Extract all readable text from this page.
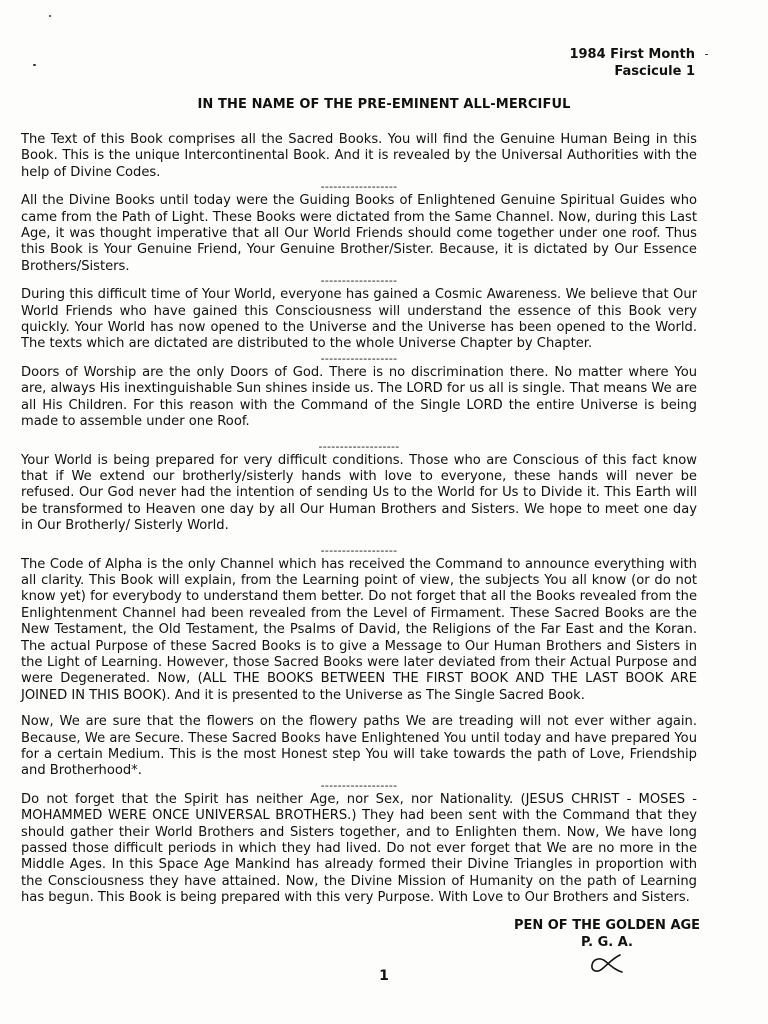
1984 First Month
Fascicule 1
IN THE NAME OF THE PRE-EMINENT ALL-MERCIFUL

The Text of this Book comprises all the Sacred Books. You will find the Genuine Human Being in this Book. This is the unique Intercontinental Book. And it is revealed by the Universal Authorities with the help of Divine Codes.

------------------

All the Divine Books until today were the Guiding Books of Enlightened Genuine Spiritual Guides who came from the Path of Light. These Books were dictated from the Same Channel. Now, during this Last Age, it was thought imperative that all Our World Friends should come together under one roof. Thus this Book is Your Genuine Friend, Your Genuine Brother/Sister. Because, it is dictated by Our Essence Brothers/Sisters.

------------------

During this difficult time of Your World, everyone has gained a Cosmic Awareness. We believe that Our World Friends who have gained this Consciousness will understand the essence of this Book very quickly. Your World has now opened to the Universe and the Universe has been opened to the World. The texts which are dictated are distributed to the whole Universe Chapter by Chapter.

------------------

Doors of Worship are the only Doors of God. There is no discrimination there. No matter where You are, always His inextinguishable Sun shines inside us. The LORD for us all is single. That means We are all His Children. For this reason with the Command of the Single LORD the entire Universe is being made to assemble under one Roof.

-------------------

Your World is being prepared for very difficult conditions. Those who are Conscious of this fact know that if We extend our brotherly/sisterly hands with love to everyone, these hands will never be refused. Our God never had the intention of sending Us to the World for Us to Divide it. This Earth will be transformed to Heaven one day by all Our Human Brothers and Sisters. We hope to meet one day in Our Brotherly/ Sisterly World.

------------------

The Code of Alpha is the only Channel which has received the Command to announce everything with all clarity. This Book will explain, from the Learning point of view, the subjects You all know (or do not know yet) for everybody to understand them better. Do not forget that all the Books revealed from the Enlightenment Channel had been revealed from the Level of Firmament. These Sacred Books are the New Testament, the Old Testament, the Psalms of David, the Religions of the Far East and the Koran. The actual Purpose of these Sacred Books is to give a Message to Our Human Brothers and Sisters in the Light of Learning. However, those Sacred Books were later deviated from their Actual Purpose and were Degenerated. Now, (ALL THE BOOKS BETWEEN THE FIRST BOOK AND THE LAST BOOK ARE JOINED IN THIS BOOK). And it is presented to the Universe as The Single Sacred Book.

Now, We are sure that the flowers on the flowery paths We are treading will not ever wither again. Because, We are Secure. These Sacred Books have Enlightened You until today and have prepared You for a certain Medium. This is the most Honest step You will take towards the path of Love, Friendship and Brotherhood*.

------------------

Do not forget that the Spirit has neither Age, nor Sex, nor Nationality. (JESUS CHRIST - MOSES - MOHAMMED WERE ONCE UNIVERSAL BROTHERS.) They had been sent with the Command that they should gather their World Brothers and Sisters together, and to Enlighten them. Now, We have long passed those difficult periods in which they had lived. Do not ever forget that We are no more in the Middle Ages. In this Space Age Mankind has already formed their Divine Triangles in proportion with the Consciousness they have attained. Now, the Divine Mission of Humanity on the path of Learning has begun. This Book is being prepared with this very Purpose. With Love to Our Brothers and Sisters.

PEN OF THE GOLDEN AGE
P. G. A.
1
